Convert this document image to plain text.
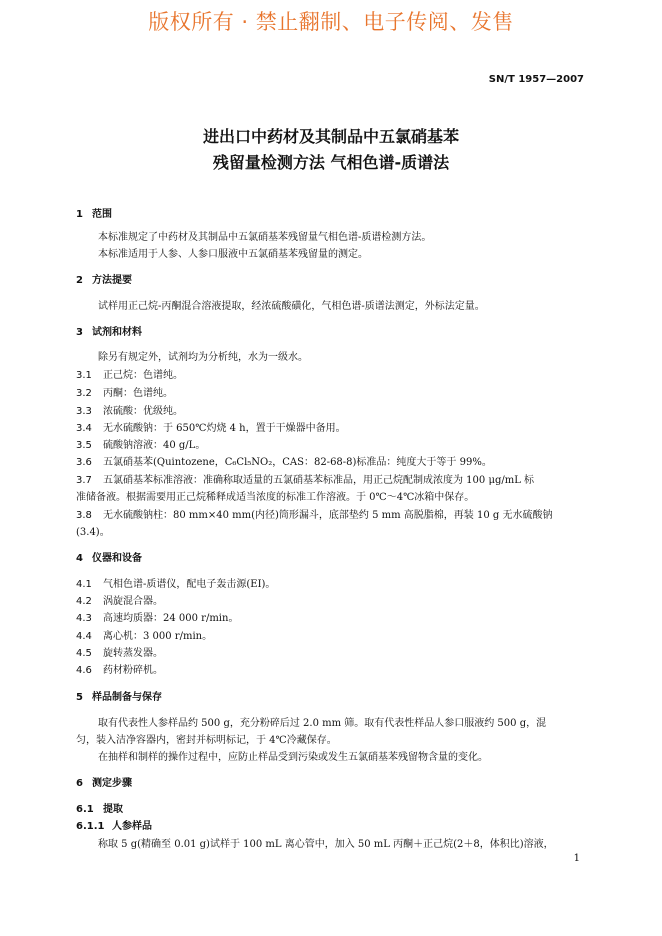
版权所有 · 禁止翻制、电子传阅、发售
SN/T 1957—2007
进出口中药材及其制品中五氯硝基苯
残留量检测方法 气相色谱-质谱法
1 范围
本标准规定了中药材及其制品中五氯硝基苯残留量气相色谱-质谱检测方法。
本标准适用于人参、人参口服液中五氯硝基苯残留量的测定。
2 方法提要
试样用正己烷-丙酮混合溶液提取，经浓硫酸磺化，气相色谱-质谱法测定，外标法定量。
3 试剂和材料
除另有规定外，试剂均为分析纯，水为一级水。
3.1 正己烷：色谱纯。
3.2 丙酮：色谱纯。
3.3 浓硫酸：优级纯。
3.4 无水硫酸钠：于 650℃灼烧 4 h，置于干燥器中备用。
3.5 硫酸钠溶液：40 g/L。
3.6 五氯硝基苯(Quintozene，C₆Cl₅NO₂，CAS：82-68-8)标准品：纯度大于等于 99%。
3.7 五氯硝基苯标准溶液：准确称取适量的五氯硝基苯标准品，用正己烷配制成浓度为 100 μg/mL 标
准储备液。根据需要用正己烷稀释成适当浓度的标准工作溶液。于 0℃～4℃冰箱中保存。
3.8 无水硫酸钠柱：80 mm×40 mm(内径)筒形漏斗，底部垫约 5 mm 高脱脂棉，再装 10 g 无水硫酸钠
(3.4)。
4 仪器和设备
4.1 气相色谱-质谱仪，配电子轰击源(EI)。
4.2 涡旋混合器。
4.3 高速均质器：24 000 r/min。
4.4 离心机：3 000 r/min。
4.5 旋转蒸发器。
4.6 药材粉碎机。
5 样品制备与保存
取有代表性人参样品约 500 g，充分粉碎后过 2.0 mm 筛。取有代表性样品人参口服液约 500 g，混
匀，装入洁净容器内，密封并标明标记，于 4℃冷藏保存。
在抽样和制样的操作过程中，应防止样品受到污染或发生五氯硝基苯残留物含量的变化。
6 测定步骤
6.1 提取
6.1.1 人参样品
称取 5 g(精确至 0.01 g)试样于 100 mL 离心管中，加入 50 mL 丙酮＋正己烷(2＋8，体积比)溶液，
1
